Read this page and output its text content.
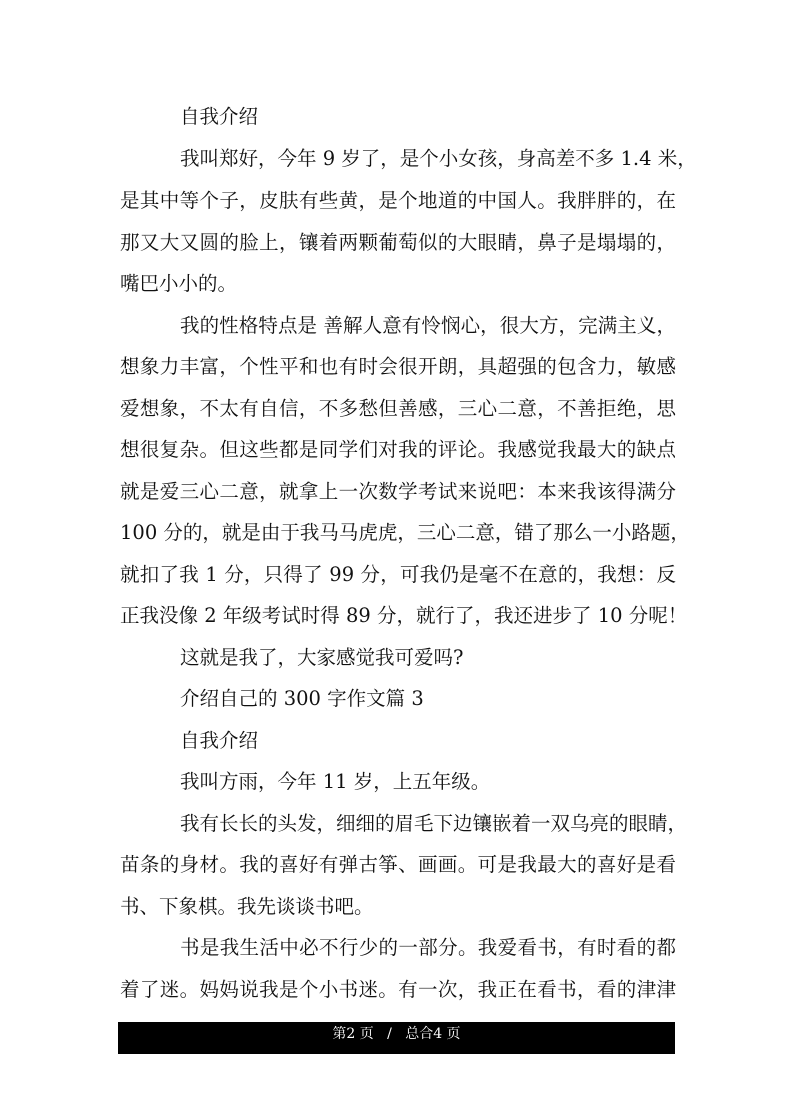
自我介绍
我叫郑好，今年 9 岁了，是个小女孩，身高差不多 1.4 米，
是其中等个子，皮肤有些黄，是个地道的中国人。我胖胖的，在
那又大又圆的脸上，镶着两颗葡萄似的大眼睛，鼻子是塌塌的，
嘴巴小小的。
我的性格特点是 善解人意有怜悯心，很大方，完满主义，
想象力丰富，个性平和也有时会很开朗，具超强的包含力，敏感
爱想象，不太有自信，不多愁但善感，三心二意，不善拒绝，思
想很复杂。但这些都是同学们对我的评论。我感觉我最大的缺点
就是爱三心二意，就拿上一次数学考试来说吧：本来我该得满分
100 分的，就是由于我马马虎虎，三心二意，错了那么一小路题，
就扣了我 1 分，只得了 99 分，可我仍是毫不在意的，我想：反
正我没像 2 年级考试时得 89 分，就行了，我还进步了 10 分呢！
这就是我了，大家感觉我可爱吗?
介绍自己的 300 字作文篇 3
自我介绍
我叫方雨，今年 11 岁，上五年级。
我有长长的头发，细细的眉毛下边镶嵌着一双乌亮的眼睛，
苗条的身材。我的喜好有弹古筝、画画。可是我最大的喜好是看
书、下象棋。我先谈谈书吧。
书是我生活中必不行少的一部分。我爱看书，有时看的都
着了迷。妈妈说我是个小书迷。有一次，我正在看书，看的津津
第2 页   /   总合4 页
